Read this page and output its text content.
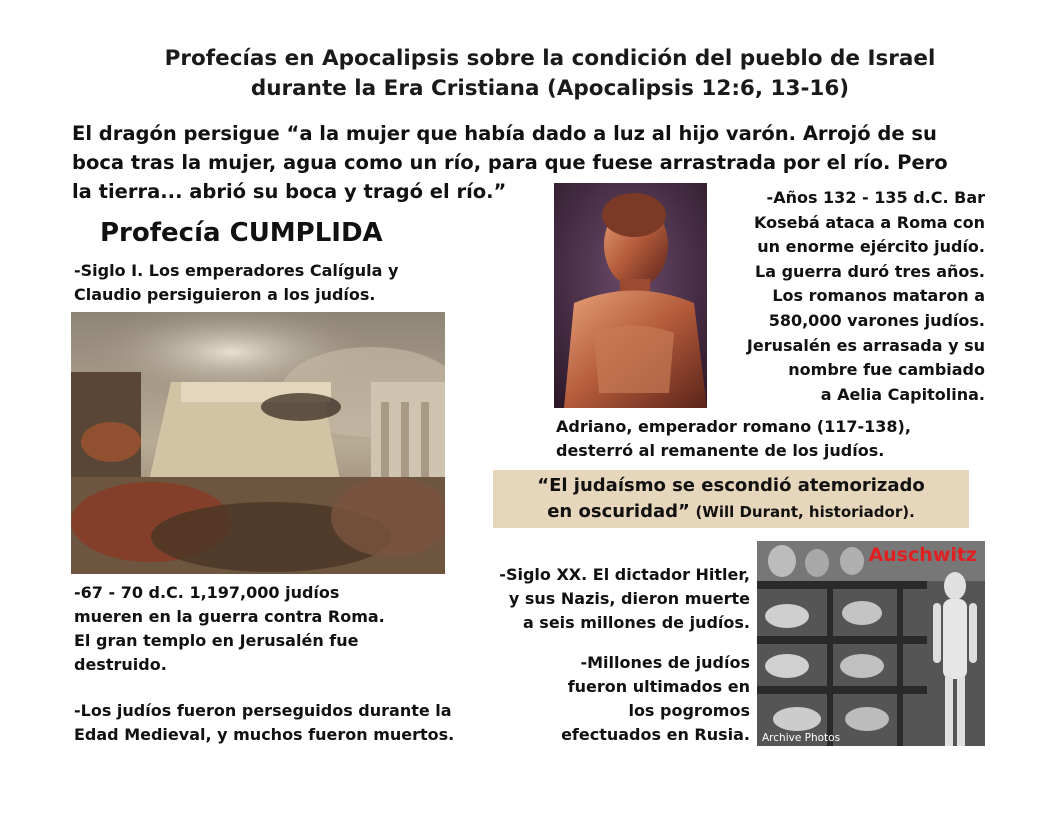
Profecías en Apocalipsis sobre la condición del pueblo de Israel
durante la Era Cristiana (Apocalipsis 12:6, 13-16)
El dragón persigue “a la mujer que había dado a luz al hijo varón. Arrojó de su
boca tras la mujer, agua como un río, para que fuese arrastrada por el río. Pero
la tierra... abrió su boca y tragó el río.”
Profecía CUMPLIDA
-Siglo I. Los emperadores Calígula y
Claudio persiguieron a los judíos.
-Años 132 - 135 d.C. Bar
Kosebá ataca a Roma con
un enorme ejército judío.
La guerra duró tres años.
Los romanos mataron a
580,000 varones judíos.
Jerusalén es arrasada y su
nombre fue cambiado
a Aelia Capitolina.
Adriano, emperador romano (117-138),
desterró al remanente de los judíos.
“El judaísmo se escondió atemorizado
en oscuridad” (Will Durant, historiador).
-67 - 70 d.C. 1,197,000 judíos
mueren en la guerra contra Roma.
El gran templo en Jerusalén fue
destruido.
-Los judíos fueron perseguidos durante la
Edad Medieval, y muchos fueron muertos.
-Siglo XX. El dictador Hitler,
y sus Nazis, dieron muerte
a seis millones de judíos.
-Millones de judíos
fueron ultimados en
los pogromos
efectuados en Rusia.
Auschwitz
Archive Photos
